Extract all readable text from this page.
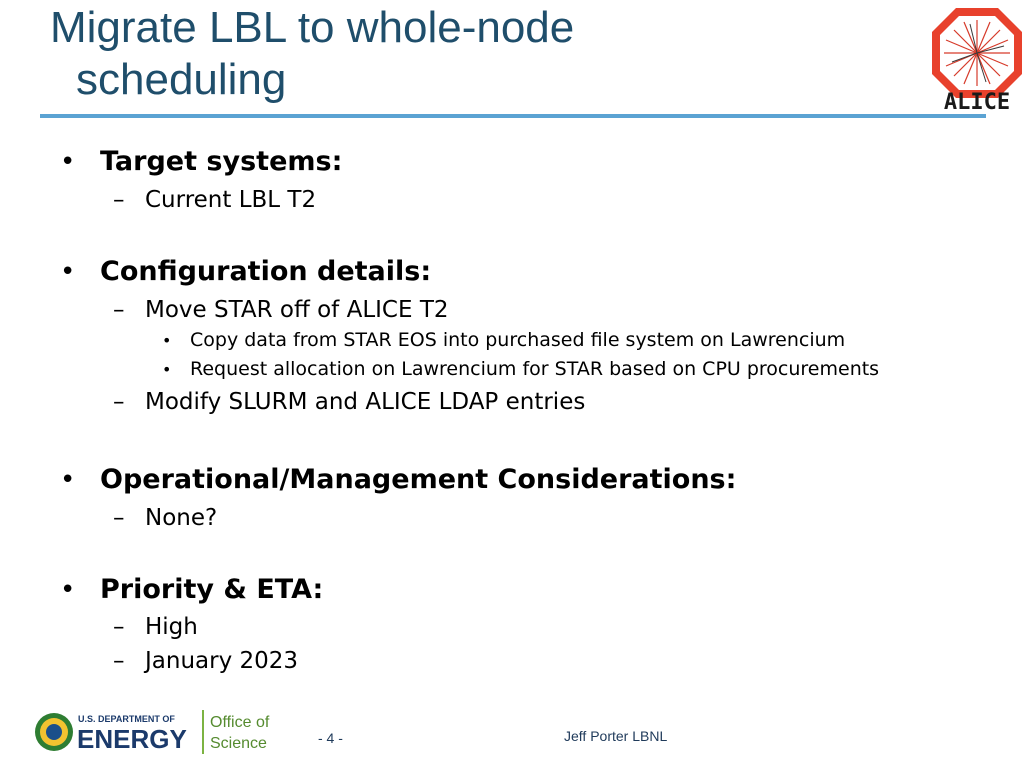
Migrate LBL to whole-node
scheduling	ALICE
• Target systems:
– Current LBL T2
• Configuration details:
– Move STAR off of ALICE T2
• Copy data from STAR EOS into purchased file system on Lawrencium
• Request allocation on Lawrencium for STAR based on CPU procurements
– Modify SLURM and ALICE LDAP entries
• Operational/Management Considerations:
– None?
• Priority & ETA:
– High
– January 2023
U.S. DEPARTMENT OF
ENERGY
Office of
Science	- 4 -	Jeff Porter LBNL
